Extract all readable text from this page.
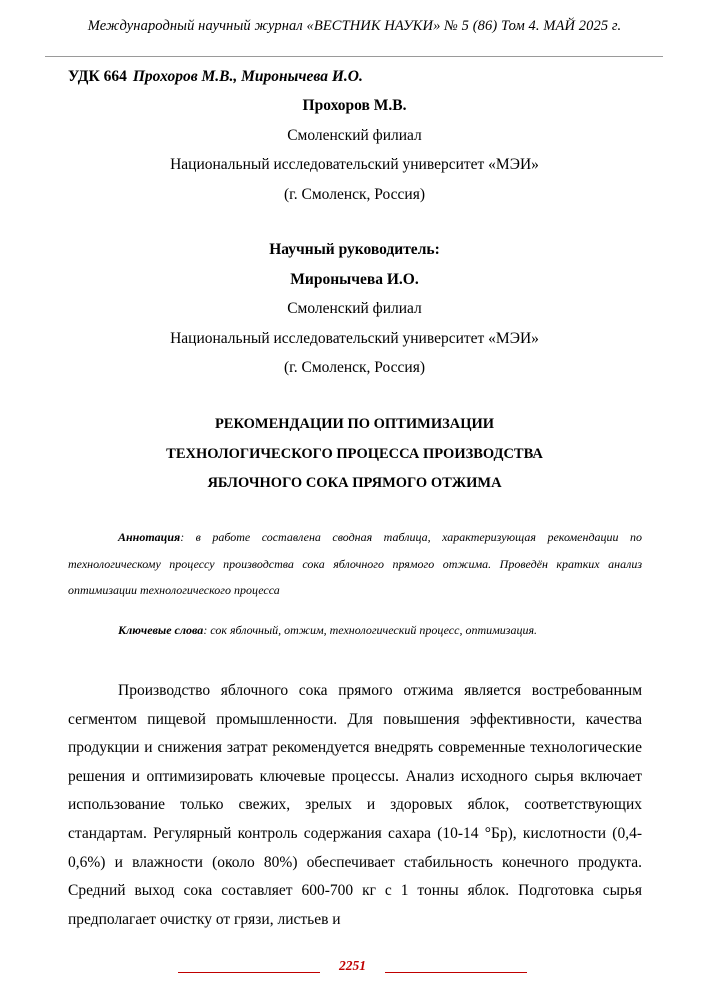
Международный научный журнал «ВЕСТНИК НАУКИ» № 5 (86) Том 4. МАЙ 2025 г.
УДК 664 Прохоров М.В., Миронычева И.О.
Прохоров М.В.
Смоленский филиал
Национальный исследовательский университет «МЭИ»
(г. Смоленск, Россия)
Научный руководитель:
Миронычева И.О.
Смоленский филиал
Национальный исследовательский университет «МЭИ»
(г. Смоленск, Россия)
РЕКОМЕНДАЦИИ ПО ОПТИМИЗАЦИИ
ТЕХНОЛОГИЧЕСКОГО ПРОЦЕССА ПРОИЗВОДСТВА
ЯБЛОЧНОГО СОКА ПРЯМОГО ОТЖИМА
Аннотация: в работе составлена сводная таблица, характеризующая рекомендации по технологическому процессу производства сока яблочного прямого отжима. Проведён кратких анализ оптимизации технологического процесса
Ключевые слова: сок яблочный, отжим, технологический процесс, оптимизация.
Производство яблочного сока прямого отжима является востребованным сегментом пищевой промышленности. Для повышения эффективности, качества продукции и снижения затрат рекомендуется внедрять современные технологические решения и оптимизировать ключевые процессы. Анализ исходного сырья включает использование только свежих, зрелых и здоровых яблок, соответствующих стандартам. Регулярный контроль содержания сахара (10-14 °Бр), кислотности (0,4-0,6%) и влажности (около 80%) обеспечивает стабильность конечного продукта. Средний выход сока составляет 600-700 кг с 1 тонны яблок. Подготовка сырья предполагает очистку от грязи, листьев и
2251
